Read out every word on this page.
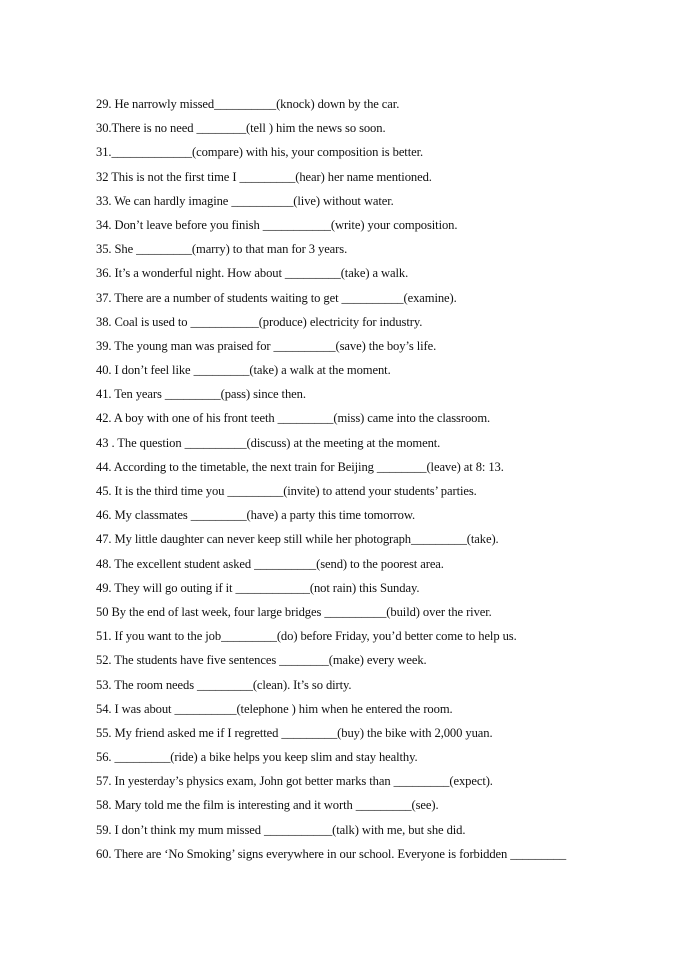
29. He narrowly missed__________(knock) down by the car.
30.There is no need ________(tell ) him the news so soon.
31._____________(compare) with his, your composition is better.
32 This is not the first time I _________(hear) her name mentioned.
33. We can hardly imagine __________(live) without water.
34. Don’t leave before you finish ___________(write) your composition.
35. She _________(marry) to that man for 3 years.
36. It’s a wonderful night. How about _________(take) a walk.
37. There are a number of students waiting to get __________(examine).
38. Coal is used to ___________(produce) electricity for industry.
39. The young man was praised for __________(save) the boy’s life.
40. I don’t feel like _________(take) a walk at the moment.
41. Ten years _________(pass) since then.
42. A boy with one of his front teeth _________(miss) came into the classroom.
43 . The question __________(discuss) at the meeting at the moment.
44. According to the timetable, the next train for Beijing ________(leave) at 8: 13.
45. It is the third time you _________(invite) to attend your students’ parties.
46. My classmates _________(have) a party this time tomorrow.
47. My little daughter can never keep still while her photograph_________(take).
48. The excellent student asked __________(send) to the poorest area.
49. They will go outing if it ____________(not rain) this Sunday.
50 By the end of last week, four large bridges __________(build) over the river.
51. If you want to the job_________(do) before Friday, you’d better come to help us.
52. The students have five sentences ________(make) every week.
53. The room needs _________(clean). It’s so dirty.
54. I was about __________(telephone ) him when he entered the room.
55. My friend asked me if I regretted _________(buy) the bike with 2,000 yuan.
56. _________(ride) a bike helps you keep slim and stay healthy.
57. In yesterday’s physics exam, John got better marks than _________(expect).
58. Mary told me the film is interesting and it worth _________(see).
59. I don’t think my mum missed ___________(talk) with me, but she did.
60. There are ‘No Smoking’ signs everywhere in our school. Everyone is forbidden _________
